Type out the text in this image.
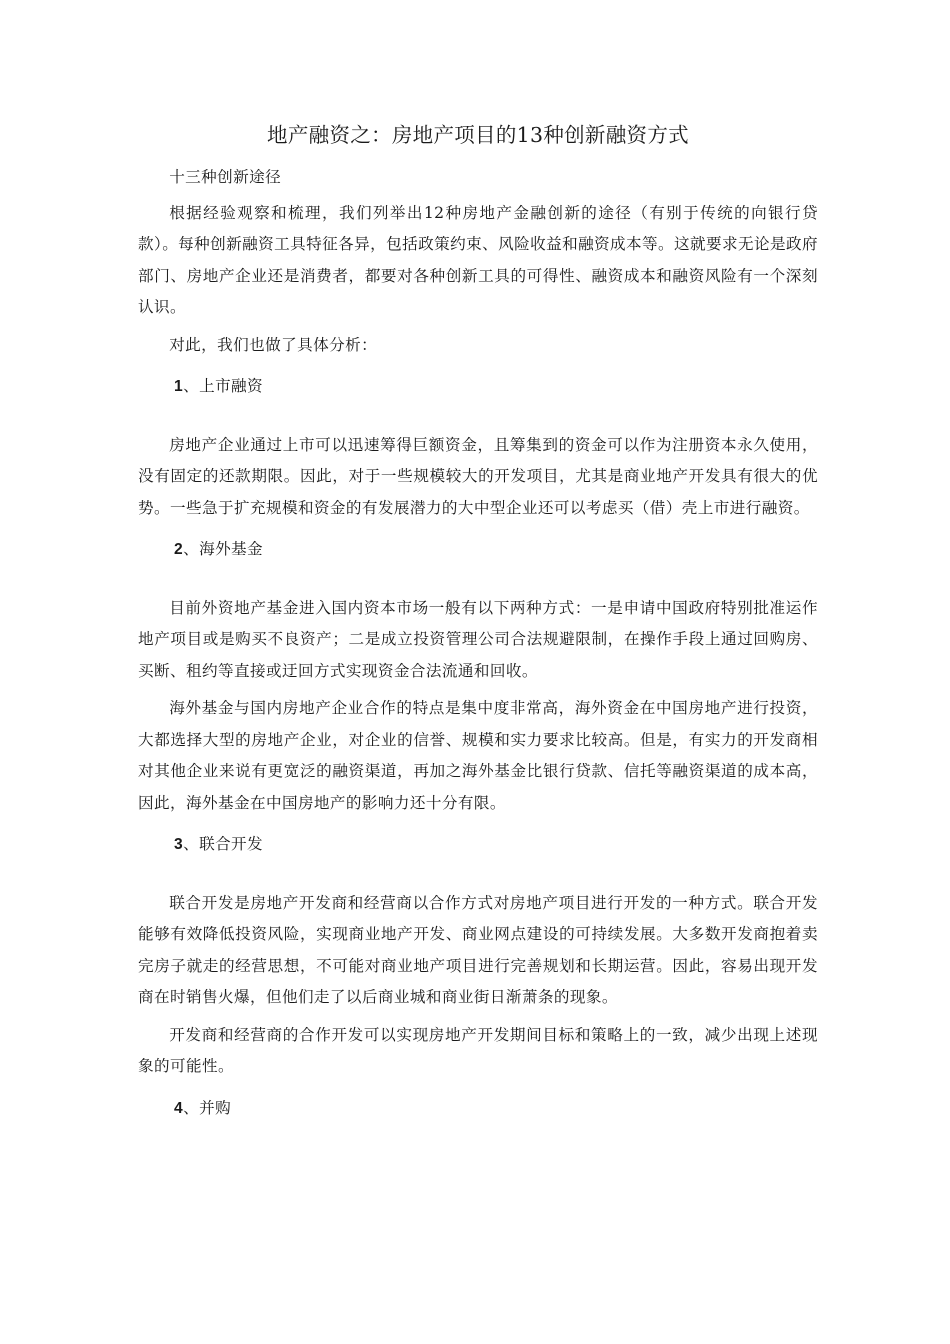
地产融资之：房地产项目的13种创新融资方式

十三种创新途径

根据经验观察和梳理，我们列举出12种房地产金融创新的途径（有别于传统的向银行贷款）。每种创新融资工具特征各异，包括政策约束、风险收益和融资成本等。这就要求无论是政府部门、房地产企业还是消费者，都要对各种创新工具的可得性、融资成本和融资风险有一个深刻认识。

对此，我们也做了具体分析：

1、上市融资

房地产企业通过上市可以迅速筹得巨额资金，且筹集到的资金可以作为注册资本永久使用，没有固定的还款期限。因此，对于一些规模较大的开发项目，尤其是商业地产开发具有很大的优势。一些急于扩充规模和资金的有发展潜力的大中型企业还可以考虑买（借）壳上市进行融资。

2、海外基金

目前外资地产基金进入国内资本市场一般有以下两种方式：一是申请中国政府特别批准运作地产项目或是购买不良资产；二是成立投资管理公司合法规避限制，在操作手段上通过回购房、买断、租约等直接或迂回方式实现资金合法流通和回收。

海外基金与国内房地产企业合作的特点是集中度非常高，海外资金在中国房地产进行投资，大都选择大型的房地产企业，对企业的信誉、规模和实力要求比较高。但是，有实力的开发商相对其他企业来说有更宽泛的融资渠道，再加之海外基金比银行贷款、信托等融资渠道的成本高，因此，海外基金在中国房地产的影响力还十分有限。

3、联合开发

联合开发是房地产开发商和经营商以合作方式对房地产项目进行开发的一种方式。联合开发能够有效降低投资风险，实现商业地产开发、商业网点建设的可持续发展。大多数开发商抱着卖完房子就走的经营思想，不可能对商业地产项目进行完善规划和长期运营。因此，容易出现开发商在时销售火爆，但他们走了以后商业城和商业街日渐萧条的现象。

开发商和经营商的合作开发可以实现房地产开发期间目标和策略上的一致，减少出现上述现象的可能性。

4、并购
